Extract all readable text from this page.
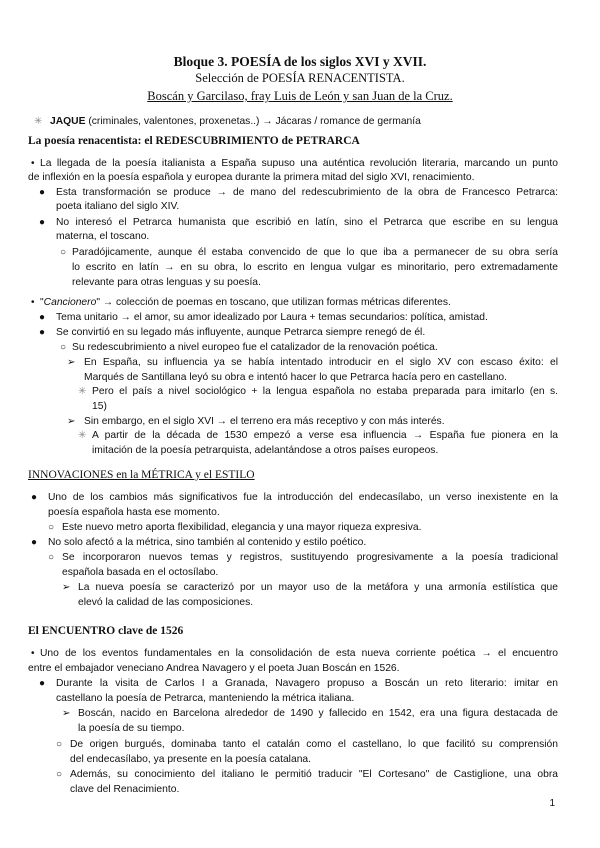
Bloque 3. POESÍA de los siglos XVI y XVII.
Selección de POESÍA RENACENTISTA.
Boscán y Garcilaso, fray Luis de León y san Juan de la Cruz.
✳ JAQUE (criminales, valentones, proxenetas..) → Jácaras / romance de germanía
La poesía renacentista: el REDESCUBRIMIENTO de PETRARCA
• La llegada de la poesía italianista a España supuso una auténtica revolución literaria, marcando un punto
de inflexión en la poesía española y europea durante la primera mitad del siglo XVI, renacimiento.
● Esta transformación se produce → de mano del redescubrimiento de la obra de Francesco Petrarca:
poeta italiano del siglo XIV.
● No interesó el Petrarca humanista que escribió en latín, sino el Petrarca que escribe en su lengua
materna, el toscano.
○ Paradójicamente, aunque él estaba convencido de que lo que iba a permanecer de su obra sería
lo escrito en latín → en su obra, lo escrito en lengua vulgar es minoritario, pero extremadamente
relevante para otras lenguas y su poesía.
• "Cancionero" → colección de poemas en toscano, que utilizan formas métricas diferentes.
● Tema unitario → el amor, su amor idealizado por Laura + temas secundarios: política, amistad.
● Se convirtió en su legado más influyente, aunque Petrarca siempre renegó de él.
○ Su redescubrimiento a nivel europeo fue el catalizador de la renovación poética.
➢ En España, su influencia ya se había intentado introducir en el siglo XV con escaso éxito: el
Marqués de Santillana leyó su obra e intentó hacer lo que Petrarca hacía pero en castellano.
✳ Pero el país a nivel sociológico + la lengua española no estaba preparada para imitarlo (en s.
15)
➢ Sin embargo, en el siglo XVI → el terreno era más receptivo y con más interés.
✳ A partir de la década de 1530 empezó a verse esa influencia → España fue pionera en la
imitación de la poesía petrarquista, adelantándose a otros países europeos.
INNOVACIONES en la MÉTRICA y el ESTILO
● Uno de los cambios más significativos fue la introducción del endecasílabo, un verso inexistente en la
poesía española hasta ese momento.
○ Este nuevo metro aporta flexibilidad, elegancia y una mayor riqueza expresiva.
● No solo afectó a la métrica, sino también al contenido y estilo poético.
○ Se incorporaron nuevos temas y registros, sustituyendo progresivamente a la poesía tradicional
española basada en el octosílabo.
➢ La nueva poesía se caracterizó por un mayor uso de la metáfora y una armonía estilística que
elevó la calidad de las composiciones.
El ENCUENTRO clave de 1526
• Uno de los eventos fundamentales en la consolidación de esta nueva corriente poética → el encuentro
entre el embajador veneciano Andrea Navagero y el poeta Juan Boscán en 1526.
● Durante la visita de Carlos I a Granada, Navagero propuso a Boscán un reto literario: imitar en
castellano la poesía de Petrarca, manteniendo la métrica italiana.
➢ Boscán, nacido en Barcelona alrededor de 1490 y fallecido en 1542, era una figura destacada de
la poesía de su tiempo.
○ De origen burgués, dominaba tanto el catalán como el castellano, lo que facilitó su comprensión
del endecasílabo, ya presente en la poesía catalana.
○ Además, su conocimiento del italiano le permitió traducir "El Cortesano" de Castiglione, una obra
clave del Renacimiento.
1
